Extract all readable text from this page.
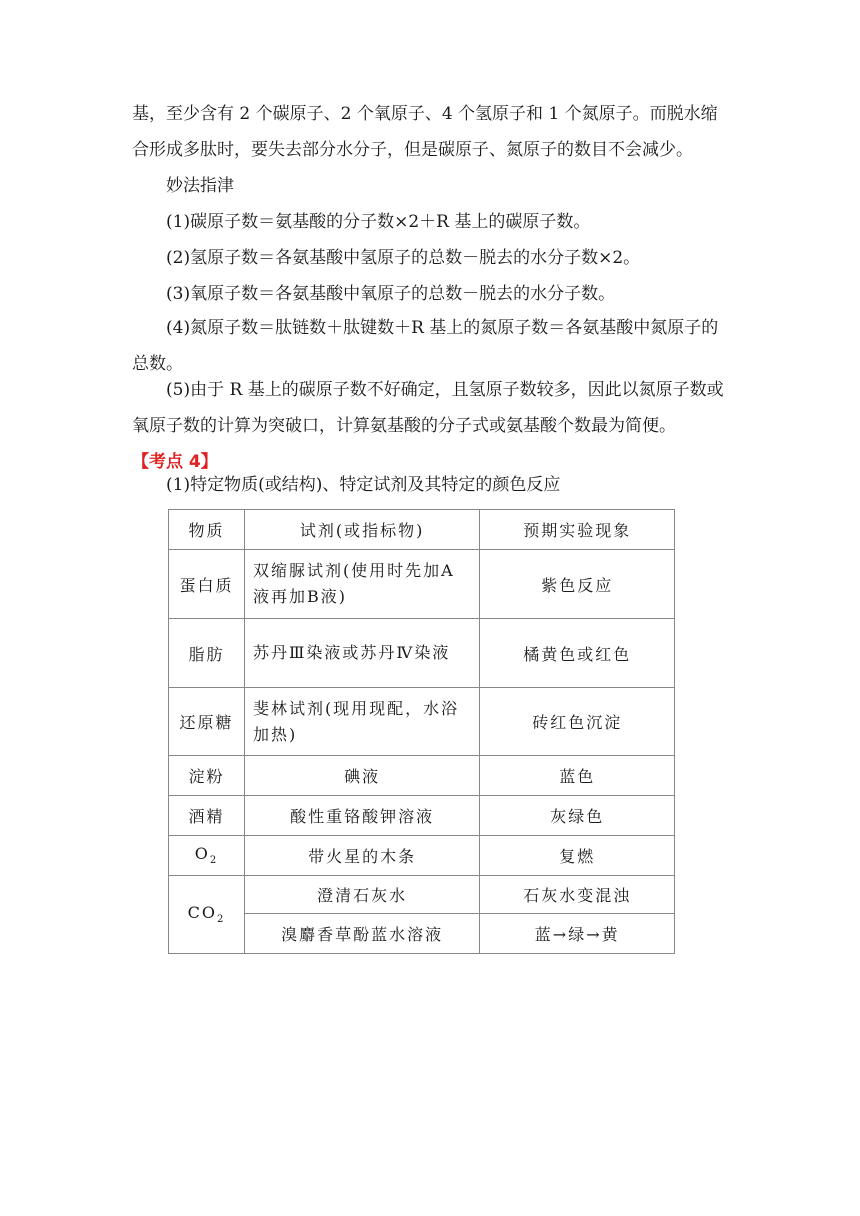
基，至少含有 2 个碳原子、2 个氧原子、4 个氢原子和 1 个氮原子。而脱水缩合形成多肽时，要失去部分水分子，但是碳原子、氮原子的数目不会减少。

妙法指津

(1)碳原子数＝氨基酸的分子数×2＋R 基上的碳原子数。

(2)氢原子数＝各氨基酸中氢原子的总数－脱去的水分子数×2。

(3)氧原子数＝各氨基酸中氧原子的总数－脱去的水分子数。

(4)氮原子数＝肽链数＋肽键数＋R 基上的氮原子数＝各氨基酸中氮原子的总数。

(5)由于 R 基上的碳原子数不好确定，且氢原子数较多，因此以氮原子数或氧原子数的计算为突破口，计算氨基酸的分子式或氨基酸个数最为简便。

【考点 4】

(1)特定物质(或结构)、特定试剂及其特定的颜色反应

物质	试剂(或指标物)	预期实验现象
蛋白质	双缩脲试剂(使用时先加A液再加B液)	紫色反应
脂肪	苏丹Ⅲ染液或苏丹Ⅳ染液	橘黄色或红色
还原糖	斐林试剂(现用现配，水浴加热)	砖红色沉淀
淀粉	碘液	蓝色
酒精	酸性重铬酸钾溶液	灰绿色
$O_2$	带火星的木条	复燃
$CO_2$	澄清石灰水	石灰水变混浊
	溴麝香草酚蓝水溶液	蓝→绿→黄
